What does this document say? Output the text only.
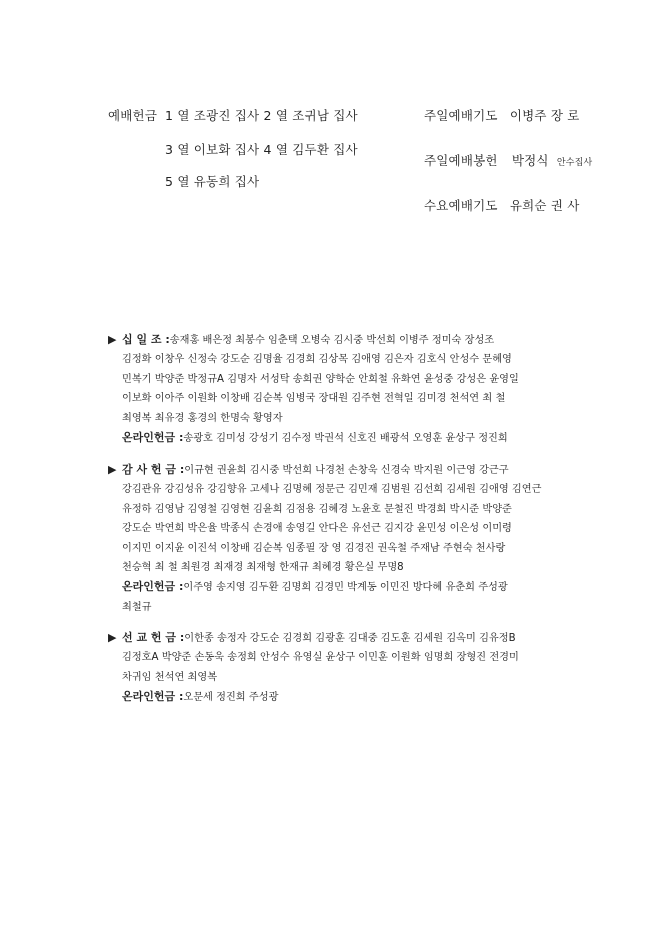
예배헌금 1 열 조광진 집사 2 열 조귀남 집사
3 열 이보화 집사 4 열 김두환 집사
5 열 유동희 집사
주일예배기도 이병주 장 로
주일예배봉헌 박정식 안수집사
수요예배기도 유희순 권 사

▶ 십 일 조 :송재홍 배은정 최봉수 임춘택 오병숙 김시중 박선희 이병주 정미숙 장성조

김정화 이창우 신정숙 강도순 김명율 김경희 김상목 김애영 김은자 김호식 안성수 문혜영

민복기 박양준 박정규A 김명자 서성탁 송희권 양학순 안희철 유화연 윤성중 강성은 윤영일

이보화 이아주 이원화 이창배 김순복 임병국 장대원 김주현 전혁일 김미경 천석연 최 철

최영복 최유경 홍경의 한명숙 황영자

온라인헌금 :송광호 김미성 강성기 김수정 박권석 신호진 배광석 오영훈 윤상구 정진희

▶ 감 사 헌 금 :이규현 권윤희 김시중 박선희 나경천 손창욱 신경숙 박지원 이근영 강근구

강김관유 강김성유 강김향유 고세나 김명혜 정문근 김민재 김범원 김선희 김세원 김애영 김연근

유정하 김영남 김영철 김영현 김윤희 김점용 김혜경 노윤호 문철진 박경희 박시준 박양준

강도순 박연희 박은율 박종식 손경애 송영길 안다은 유선근 김지강 윤민성 이은성 이미령

이지민 이지윤 이진석 이창배 김순복 임종필 장 영 김경진 권옥철 주재남 주현숙 천사랑

천승혁 최 철 최원경 최재경 최재형 한재규 최혜경 황은실 무명8

온라인헌금 :이주영 송지영 김두환 김명희 김경민 박계동 이민진 방다혜 유춘희 주성광

최철규

▶ 선 교 헌 금 :이한종 송정자 강도순 김경희 김광훈 김대중 김도훈 김세원 김옥미 김유정B

김정호A 박양준 손동욱 송정희 안성수 유영실 윤상구 이민훈 이원화 임명희 장형진 전경미

차귀임 천석연 최영복

온라인헌금 :오문세 정진희 주성광
